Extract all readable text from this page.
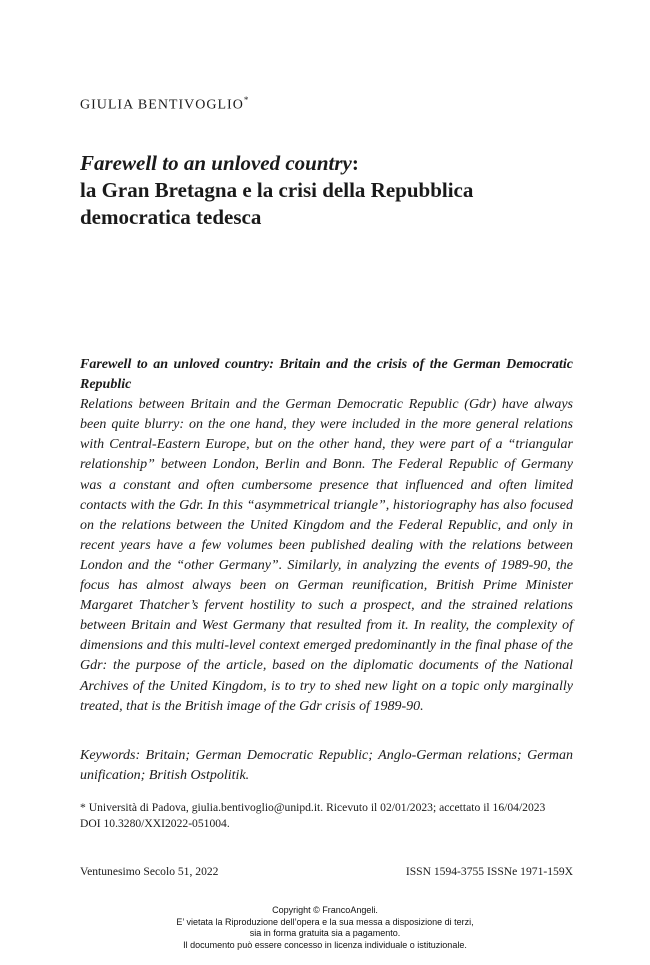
GIULIA BENTIVOGLIO*
Farewell to an unloved country:
la Gran Bretagna e la crisi della Repubblica
democratica tedesca
Farewell to an unloved country: Britain and the crisis of the German Democratic Republic
Relations between Britain and the German Democratic Republic (Gdr) have always been quite blurry: on the one hand, they were included in the more general relations with Central-Eastern Europe, but on the other hand, they were part of a “triangular relationship” between London, Berlin and Bonn. The Federal Republic of Germany was a constant and often cumbersome presence that influenced and often limited contacts with the Gdr. In this “asymmetrical triangle”, historiography has also focused on the relations between the United Kingdom and the Federal Republic, and only in recent years have a few volumes been published dealing with the relations between London and the “other Germany”. Similarly, in analyzing the events of 1989-90, the focus has almost always been on German reunification, British Prime Minister Margaret Thatcher’s fervent hostility to such a prospect, and the strained relations between Britain and West Germany that resulted from it. In reality, the complexity of dimensions and this multi-level context emerged predominantly in the final phase of the Gdr: the purpose of the article, based on the diplomatic documents of the National Archives of the United Kingdom, is to try to shed new light on a topic only marginally treated, that is the British image of the Gdr crisis of 1989-90.
Keywords: Britain; German Democratic Republic; Anglo-German relations; German unification; British Ostpolitik.
* Università di Padova, giulia.bentivoglio@unipd.it. Ricevuto il 02/01/2023; accettato il 16/04/2023
DOI 10.3280/XXI2022-051004.
Ventunesimo Secolo 51, 2022	ISSN 1594-3755 ISSNe 1971-159X
Copyright © FrancoAngeli.
E’ vietata la Riproduzione dell’opera e la sua messa a disposizione di terzi,
sia in forma gratuita sia a pagamento.
Il documento può essere concesso in licenza individuale o istituzionale.
